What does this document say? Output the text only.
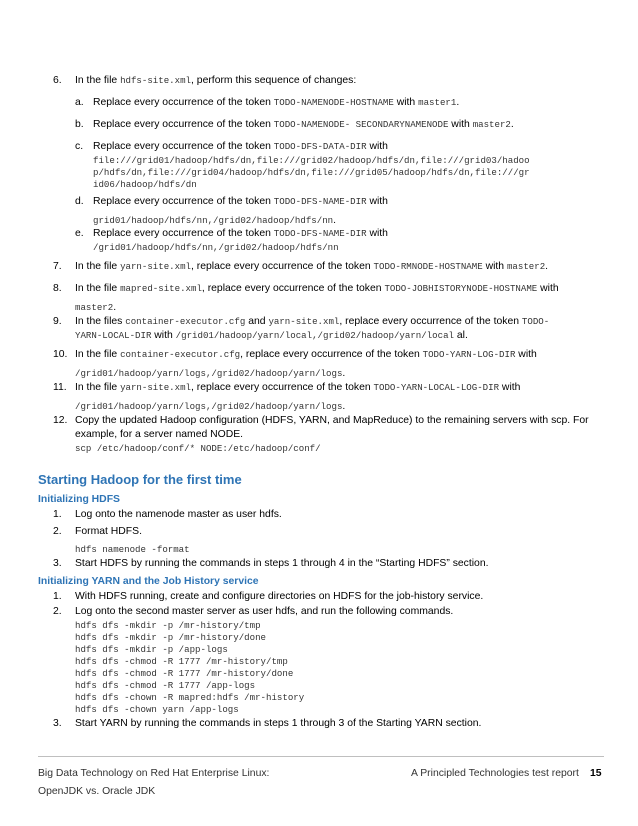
6. In the file hdfs-site.xml, perform this sequence of changes:
a. Replace every occurrence of the token TODO-NAMENODE-HOSTNAME with master1.
b. Replace every occurrence of the token TODO-NAMENODE- SECONDARYNAMENODE with master2.
c. Replace every occurrence of the token TODO-DFS-DATA-DIR with
file:///grid01/hadoop/hdfs/dn,file:///grid02/hadoop/hdfs/dn,file:///grid03/hadoo
p/hdfs/dn,file:///grid04/hadoop/hdfs/dn,file:///grid05/hadoop/hdfs/dn,file:///gr
id06/hadoop/hdfs/dn
d. Replace every occurrence of the token TODO-DFS-NAME-DIR with
grid01/hadoop/hdfs/nn,/grid02/hadoop/hdfs/nn.
e. Replace every occurrence of the token TODO-DFS-NAME-DIR with
/grid01/hadoop/hdfs/nn,/grid02/hadoop/hdfs/nn
7. In the file yarn-site.xml, replace every occurrence of the token TODO-RMNODE-HOSTNAME with master2.
8. In the file mapred-site.xml, replace every occurrence of the token TODO-JOBHISTORYNODE-HOSTNAME with
master2.
9. In the files container-executor.cfg and yarn-site.xml, replace every occurrence of the token TODO-
YARN-LOCAL-DIR with /grid01/hadoop/yarn/local,/grid02/hadoop/yarn/local al.
10. In the file container-executor.cfg, replace every occurrence of the token TODO-YARN-LOG-DIR with
/grid01/hadoop/yarn/logs,/grid02/hadoop/yarn/logs.
11. In the file yarn-site.xml, replace every occurrence of the token TODO-YARN-LOCAL-LOG-DIR with
/grid01/hadoop/yarn/logs,/grid02/hadoop/yarn/logs.
12. Copy the updated Hadoop configuration (HDFS, YARN, and MapReduce) to the remaining servers with scp. For
example, for a server named NODE.
scp /etc/hadoop/conf/* NODE:/etc/hadoop/conf/
Starting Hadoop for the first time
Initializing HDFS
1. Log onto the namenode master as user hdfs.
2. Format HDFS.
hdfs namenode -format
3. Start HDFS by running the commands in steps 1 through 4 in the “Starting HDFS” section.
Initializing YARN and the Job History service
1. With HDFS running, create and configure directories on HDFS for the job-history service.
2. Log onto the second master server as user hdfs, and run the following commands.
hdfs dfs -mkdir -p /mr-history/tmp
hdfs dfs -mkdir -p /mr-history/done
hdfs dfs -mkdir -p /app-logs
hdfs dfs -chmod -R 1777 /mr-history/tmp
hdfs dfs -chmod -R 1777 /mr-history/done
hdfs dfs -chmod -R 1777 /app-logs
hdfs dfs -chown -R mapred:hdfs /mr-history
hdfs dfs -chown yarn /app-logs
3. Start YARN by running the commands in steps 1 through 3 of the Starting YARN section.
Big Data Technology on Red Hat Enterprise Linux:
OpenJDK vs. Oracle JDK
A Principled Technologies test report 15
